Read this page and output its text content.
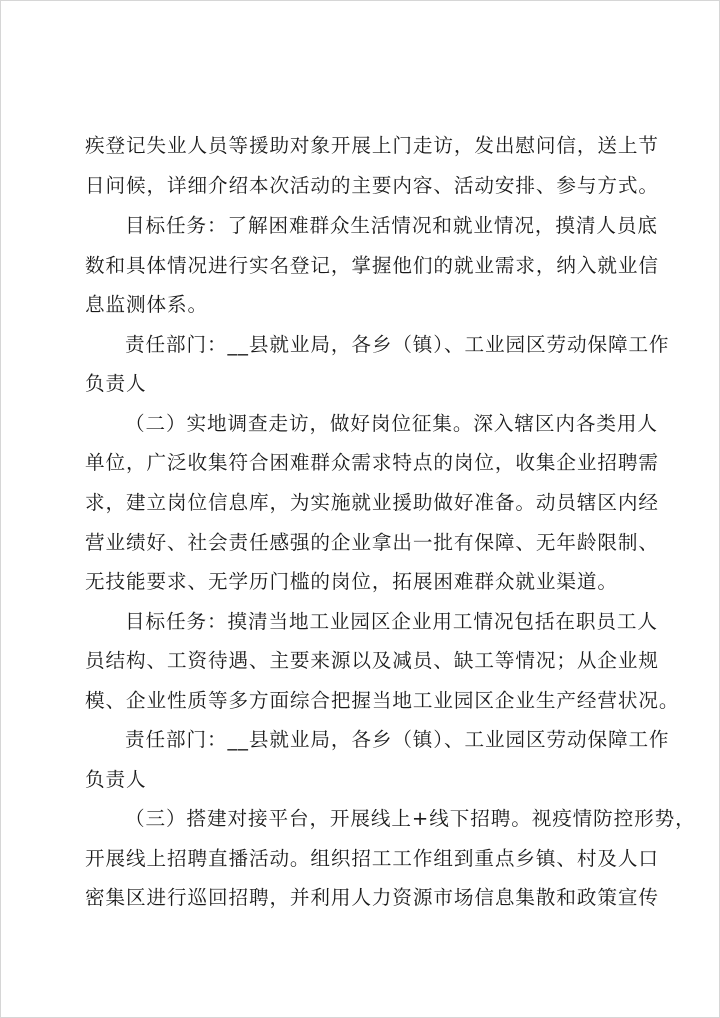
疾登记失业人员等援助对象开展上门走访，发出慰问信，送上节
日问候，详细介绍本次活动的主要内容、活动安排、参与方式。
目标任务：了解困难群众生活情况和就业情况，摸清人员底
数和具体情况进行实名登记，掌握他们的就业需求，纳入就业信
息监测体系。
责任部门：__县就业局，各乡（镇）、工业园区劳动保障工作
负责人
（二）实地调查走访，做好岗位征集。深入辖区内各类用人
单位，广泛收集符合困难群众需求特点的岗位，收集企业招聘需
求，建立岗位信息库，为实施就业援助做好准备。动员辖区内经
营业绩好、社会责任感强的企业拿出一批有保障、无年龄限制、
无技能要求、无学历门槛的岗位，拓展困难群众就业渠道。
目标任务：摸清当地工业园区企业用工情况包括在职员工人
员结构、工资待遇、主要来源以及减员、缺工等情况；从企业规
模、企业性质等多方面综合把握当地工业园区企业生产经营状况。
责任部门：__县就业局，各乡（镇）、工业园区劳动保障工作
负责人
（三）搭建对接平台，开展线上+线下招聘。视疫情防控形势，
开展线上招聘直播活动。组织招工工作组到重点乡镇、村及人口
密集区进行巡回招聘，并利用人力资源市场信息集散和政策宣传
